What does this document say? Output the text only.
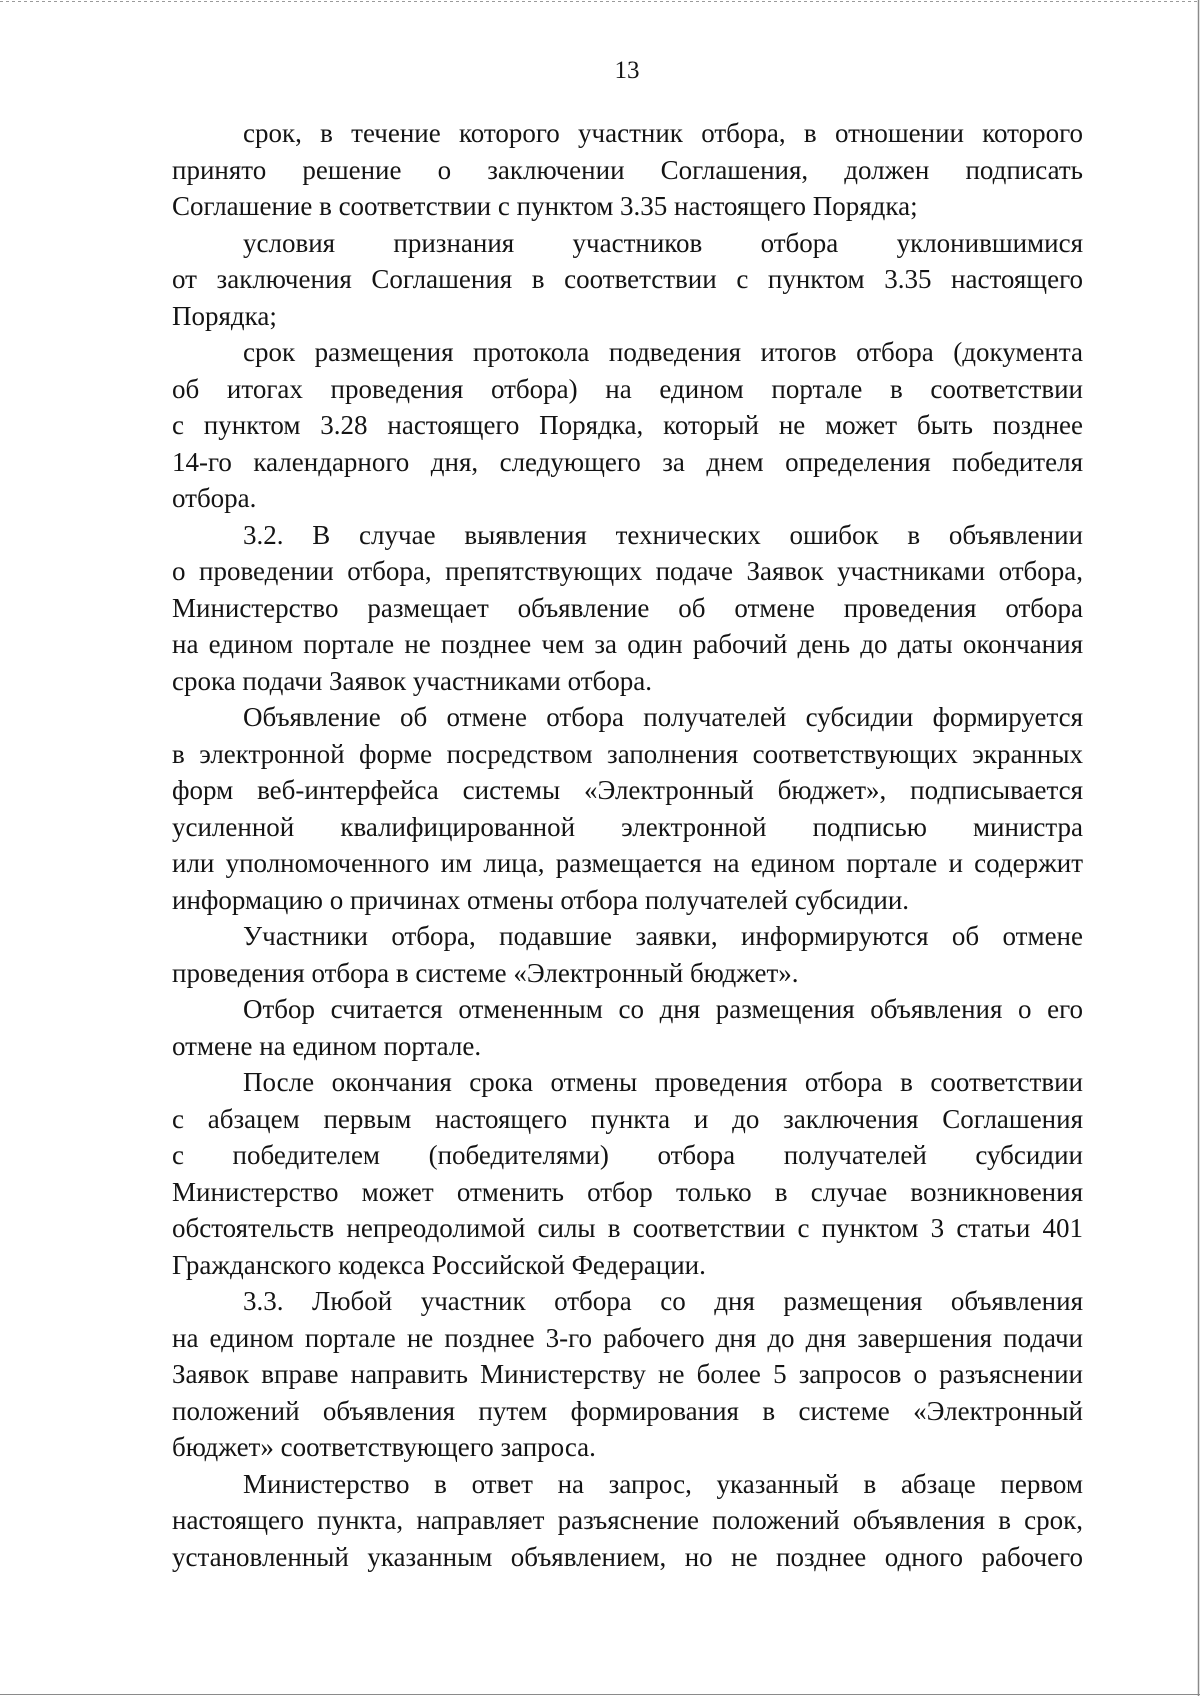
13
срок, в течение которого участник отбора, в отношении которого
принято решение о заключении Соглашения, должен подписать
Соглашение в соответствии с пунктом 3.35 настоящего Порядка;
условия признания участников отбора уклонившимися
от заключения Соглашения в соответствии с пунктом 3.35 настоящего
Порядка;
срок размещения протокола подведения итогов отбора (документа
об итогах проведения отбора) на едином портале в соответствии
с пунктом 3.28 настоящего Порядка, который не может быть позднее
14-го календарного дня, следующего за днем определения победителя
отбора.
3.2. В случае выявления технических ошибок в объявлении
о проведении отбора, препятствующих подаче Заявок участниками отбора,
Министерство размещает объявление об отмене проведения отбора
на едином портале не позднее чем за один рабочий день до даты окончания
срока подачи Заявок участниками отбора.
Объявление об отмене отбора получателей субсидии формируется
в электронной форме посредством заполнения соответствующих экранных
форм веб-интерфейса системы «Электронный бюджет», подписывается
усиленной квалифицированной электронной подписью министра
или уполномоченного им лица, размещается на едином портале и содержит
информацию о причинах отмены отбора получателей субсидии.
Участники отбора, подавшие заявки, информируются об отмене
проведения отбора в системе «Электронный бюджет».
Отбор считается отмененным со дня размещения объявления о его
отмене на едином портале.
После окончания срока отмены проведения отбора в соответствии
с абзацем первым настоящего пункта и до заключения Соглашения
с победителем (победителями) отбора получателей субсидии
Министерство может отменить отбор только в случае возникновения
обстоятельств непреодолимой силы в соответствии с пунктом 3 статьи 401
Гражданского кодекса Российской Федерации.
3.3. Любой участник отбора со дня размещения объявления
на едином портале не позднее 3-го рабочего дня до дня завершения подачи
Заявок вправе направить Министерству не более 5 запросов о разъяснении
положений объявления путем формирования в системе «Электронный
бюджет» соответствующего запроса.
Министерство в ответ на запрос, указанный в абзаце первом
настоящего пункта, направляет разъяснение положений объявления в срок,
установленный указанным объявлением, но не позднее одного рабочего
